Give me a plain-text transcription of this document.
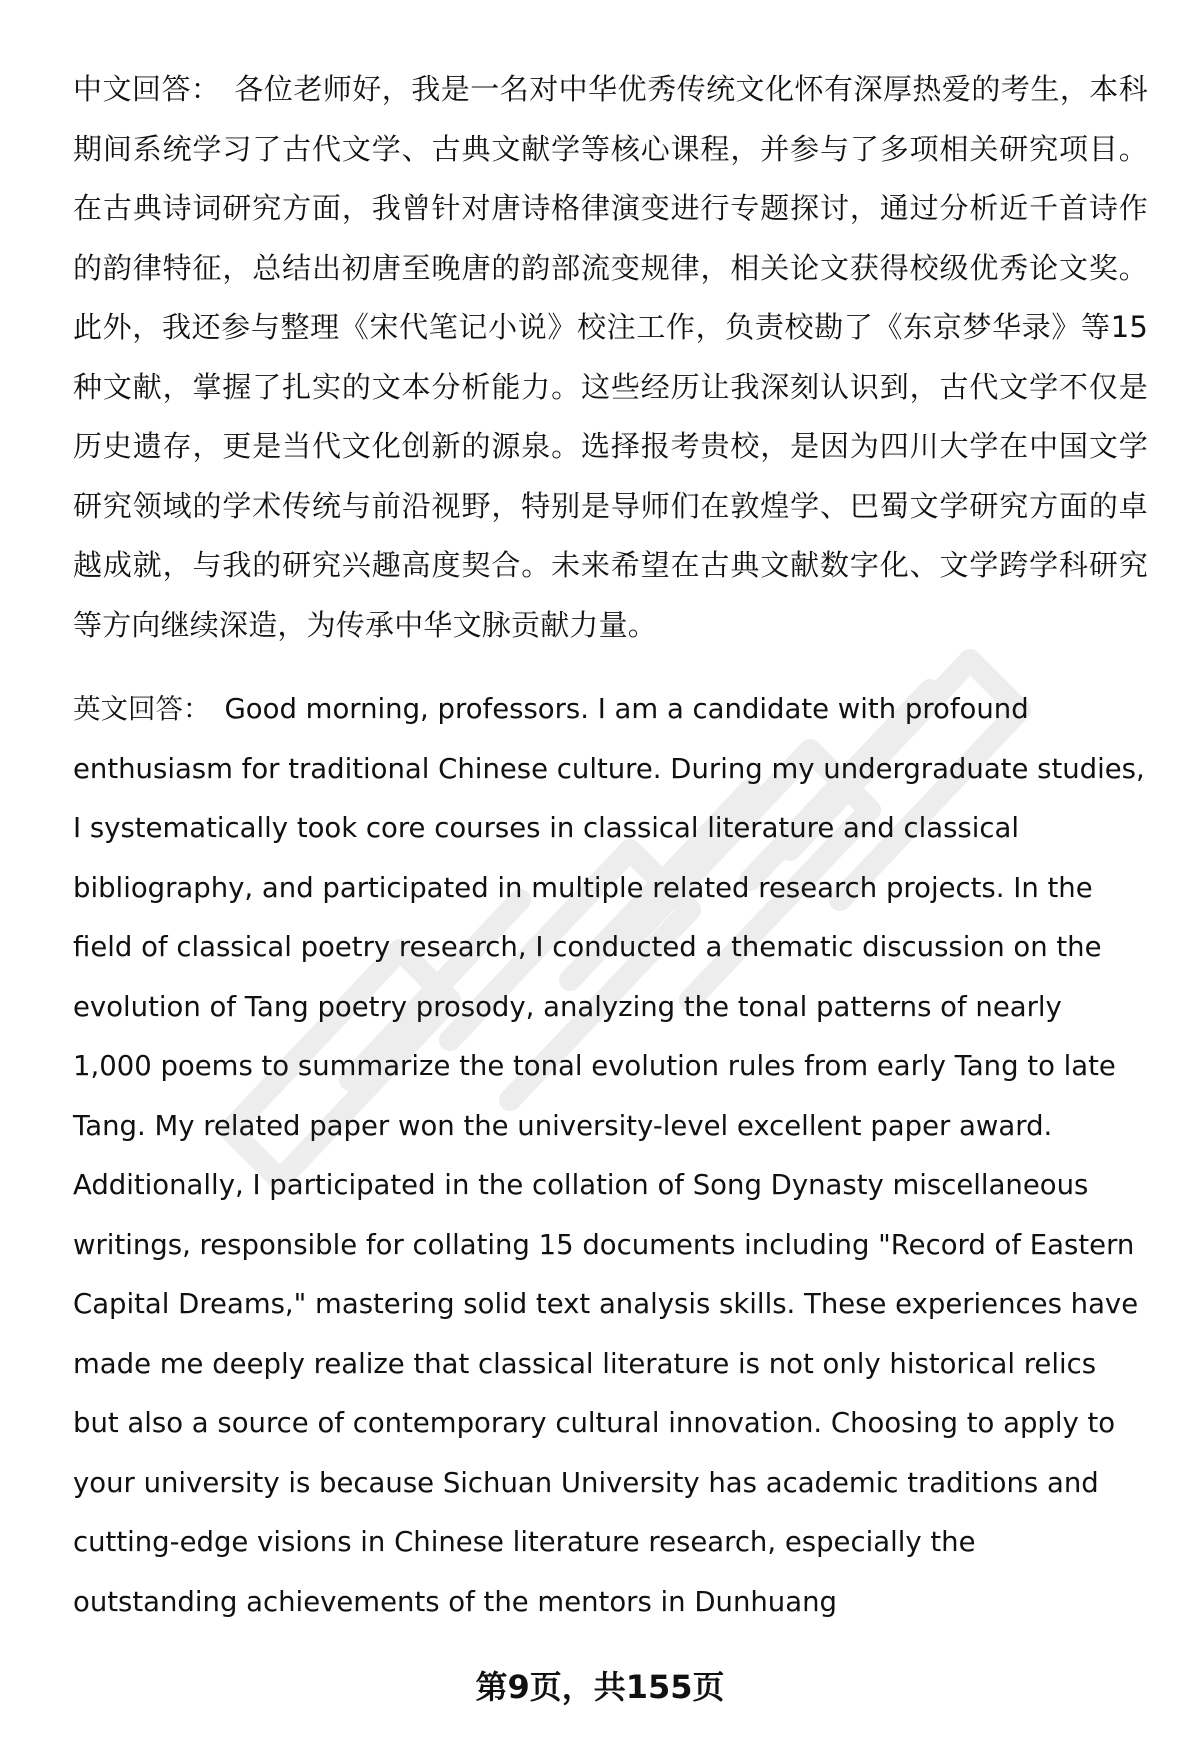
中文回答： 各位老师好，我是一名对中华优秀传统文化怀有深厚热爱的考生，本科期间系统学习了古代文学、古典文献学等核心课程，并参与了多项相关研究项目。在古典诗词研究方面，我曾针对唐诗格律演变进行专题探讨，通过分析近千首诗作的韵律特征，总结出初唐至晚唐的韵部流变规律，相关论文获得校级优秀论文奖。此外，我还参与整理《宋代笔记小说》校注工作，负责校勘了《东京梦华录》等15种文献，掌握了扎实的文本分析能力。这些经历让我深刻认识到，古代文学不仅是历史遗存，更是当代文化创新的源泉。选择报考贵校，是因为四川大学在中国文学研究领域的学术传统与前沿视野，特别是导师们在敦煌学、巴蜀文学研究方面的卓越成就，与我的研究兴趣高度契合。未来希望在古典文献数字化、文学跨学科研究等方向继续深造，为传承中华文脉贡献力量。

英文回答： Good morning, professors. I am a candidate with profound enthusiasm for traditional Chinese culture. During my undergraduate studies, I systematically took core courses in classical literature and classical bibliography, and participated in multiple related research projects. In the field of classical poetry research, I conducted a thematic discussion on the evolution of Tang poetry prosody, analyzing the tonal patterns of nearly 1,000 poems to summarize the tonal evolution rules from early Tang to late Tang. My related paper won the university-level excellent paper award. Additionally, I participated in the collation of Song Dynasty miscellaneous writings, responsible for collating 15 documents including "Record of Eastern Capital Dreams," mastering solid text analysis skills. These experiences have made me deeply realize that classical literature is not only historical relics but also a source of contemporary cultural innovation. Choosing to apply to your university is because Sichuan University has academic traditions and cutting-edge visions in Chinese literature research, especially the outstanding achievements of the mentors in Dunhuang

第9页，共155页
